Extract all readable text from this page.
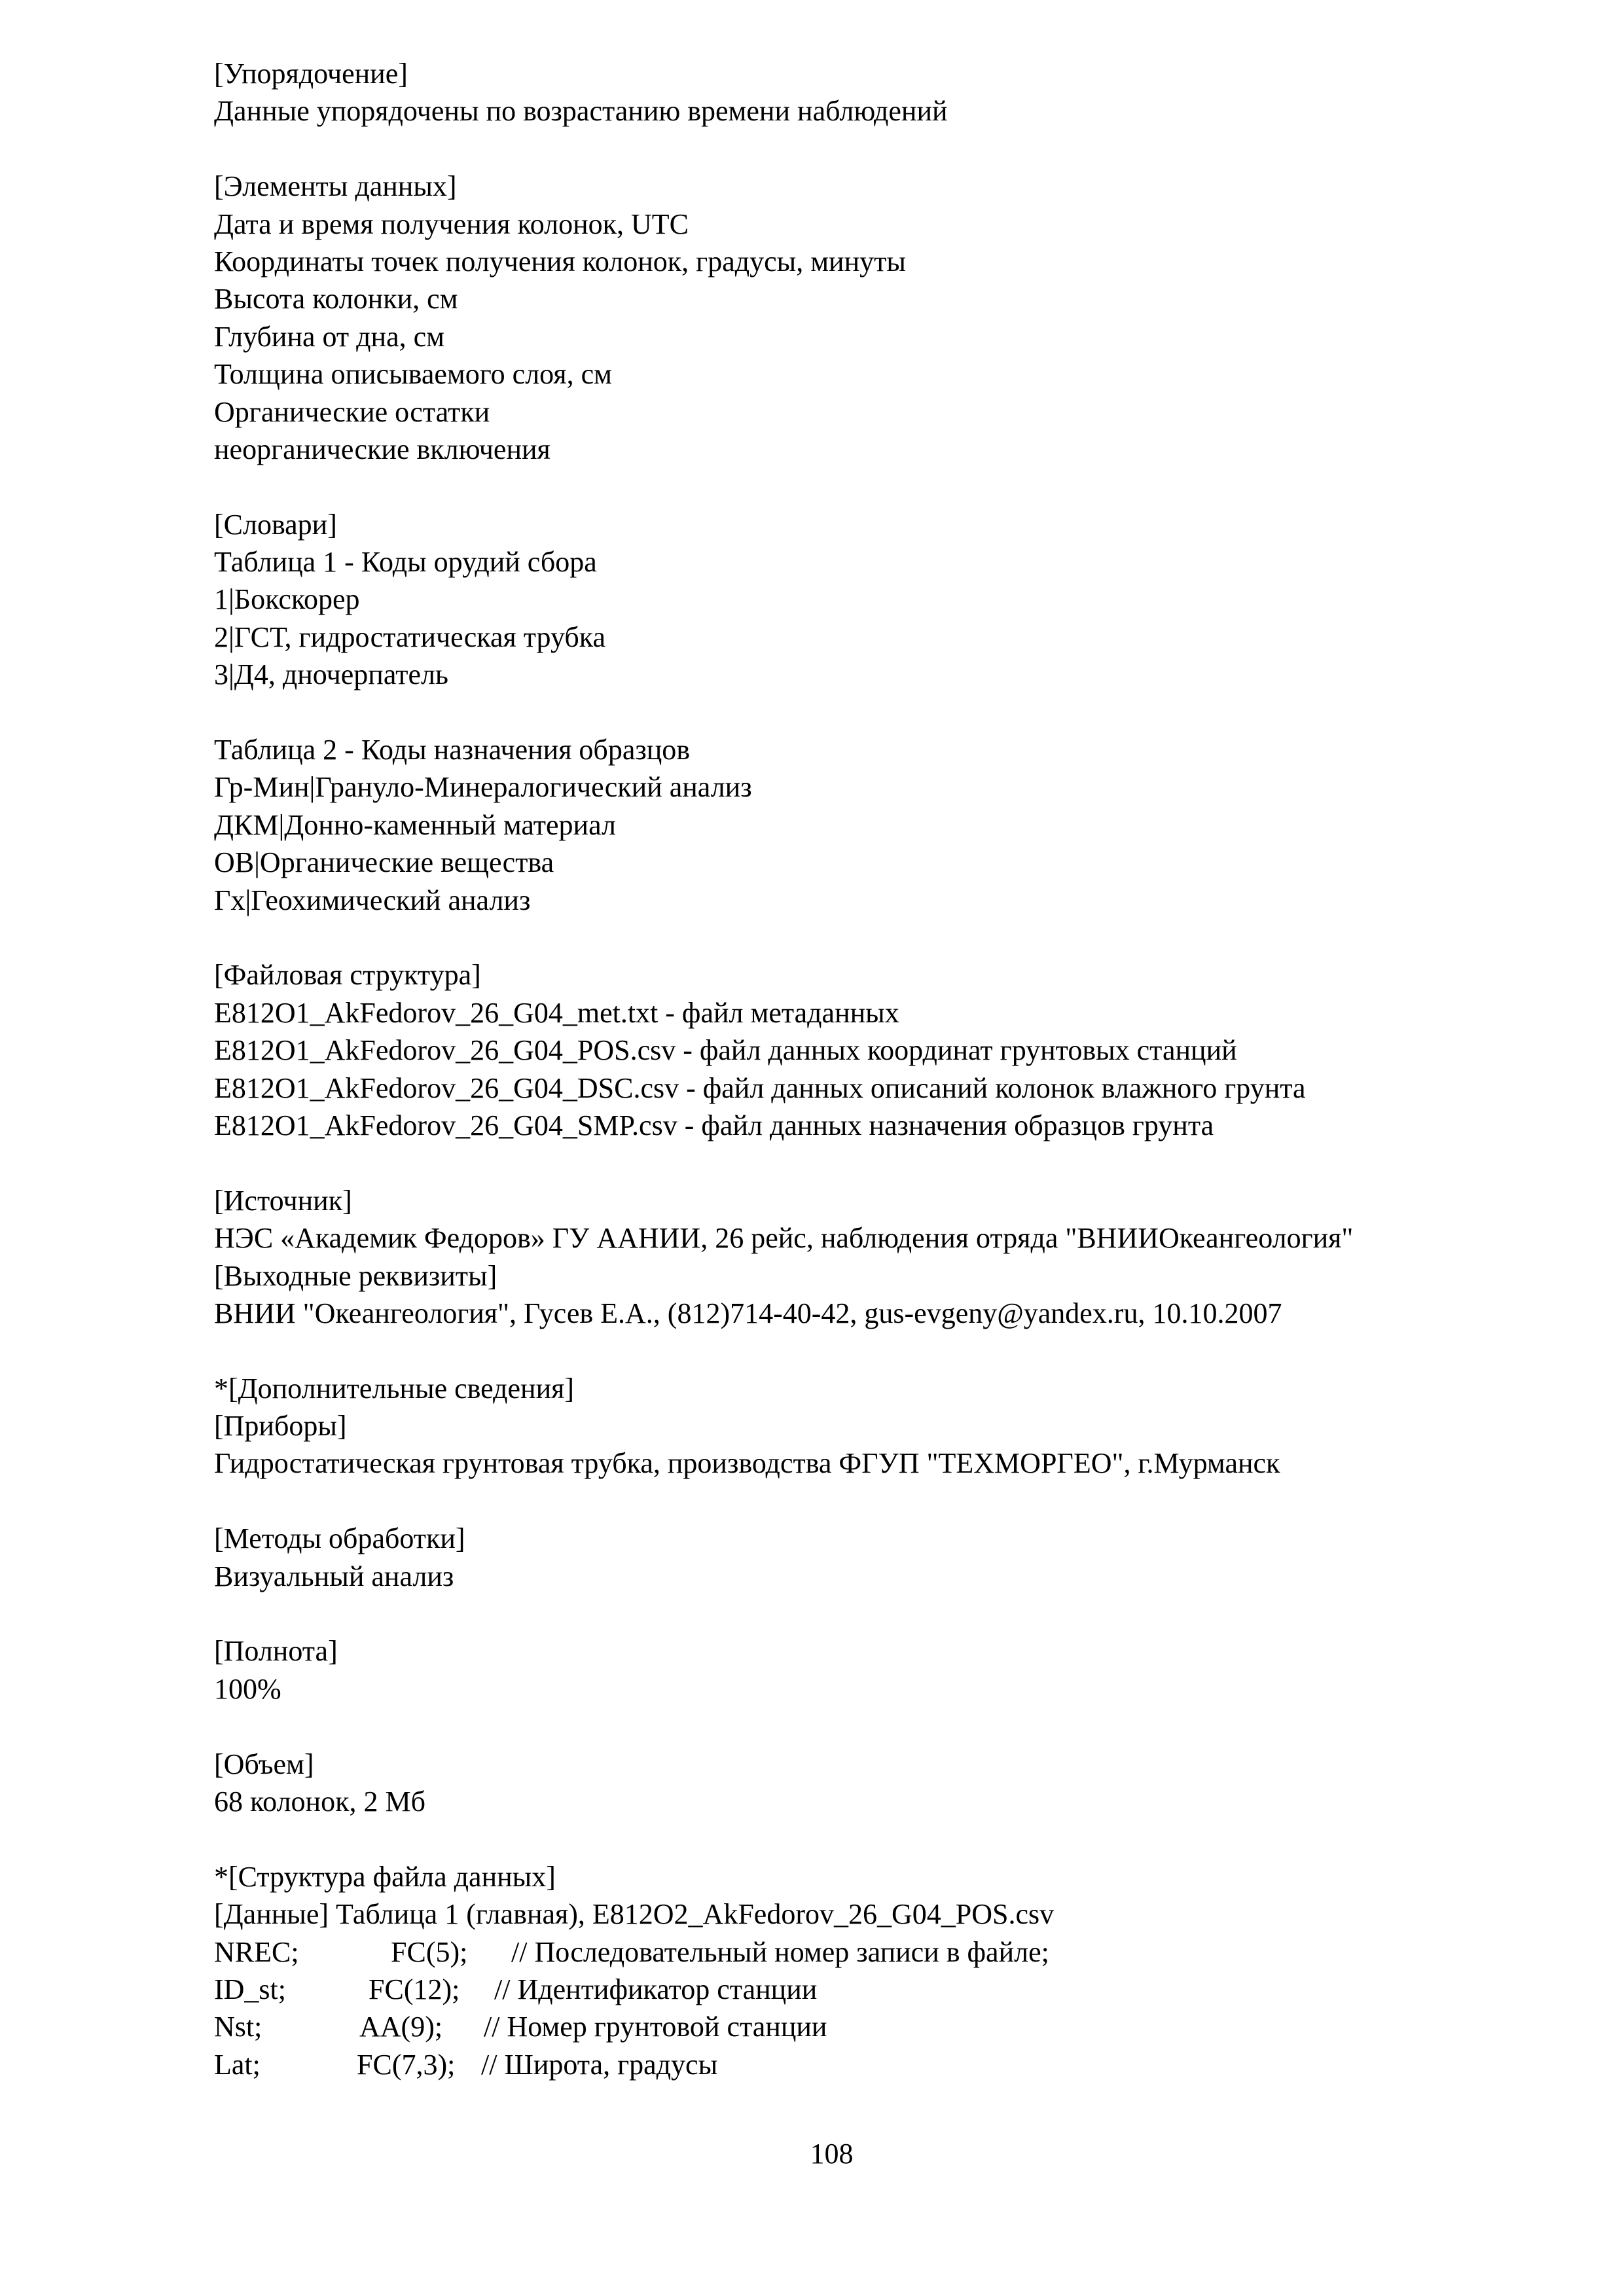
[Упорядочение]
Данные упорядочены по возрастанию времени наблюдений
[Элементы данных]
Дата и время получения колонок, UTC
Координаты точек получения колонок, градусы, минуты
Высота колонки, см
Глубина от дна, см
Толщина описываемого слоя, см
Органические остатки
неорганические включения
[Словари]
Таблица 1 - Коды орудий сбора
1|Бокскорер
2|ГСТ, гидростатическая трубка
3|Д4, дночерпатель
Таблица 2 - Коды назначения образцов
Гр-Мин|Грануло-Минералогический анализ
ДКМ|Донно-каменный материал
ОВ|Органические вещества
Гх|Геохимический анализ
[Файловая структура]
E812O1_AkFedorov_26_G04_met.txt - файл метаданных
E812O1_AkFedorov_26_G04_POS.csv - файл данных координат грунтовых станций
E812O1_AkFedorov_26_G04_DSC.csv - файл данных описаний колонок влажного грунта
E812O1_AkFedorov_26_G04_SMP.csv - файл данных назначения образцов грунта
[Источник]
НЭС «Академик Федоров» ГУ ААНИИ, 26 рейс, наблюдения отряда "ВНИИОкеангеология"
[Выходные реквизиты]
ВНИИ "Океангеология", Гусев Е.А., (812)714-40-42, gus-evgeny@yandex.ru, 10.10.2007
*[Дополнительные сведения]
[Приборы]
Гидростатическая грунтовая трубка, производства ФГУП "ТЕХМОРГЕО", г.Мурманск
[Методы обработки]
Визуальный анализ
[Полнота]
100%
[Объем]
68 колонок, 2 Мб
*[Структура файла данных]
[Данные] Таблица 1 (главная), E812O2_AkFedorov_26_G04_POS.csv
NREC;	FC(5);	// Последовательный номер записи в файле;
ID_st;	FC(12);	// Идентификатор станции
Nst;	AA(9);	// Номер грунтовой станции
Lat;	FC(7,3); // Широта, градусы
108
